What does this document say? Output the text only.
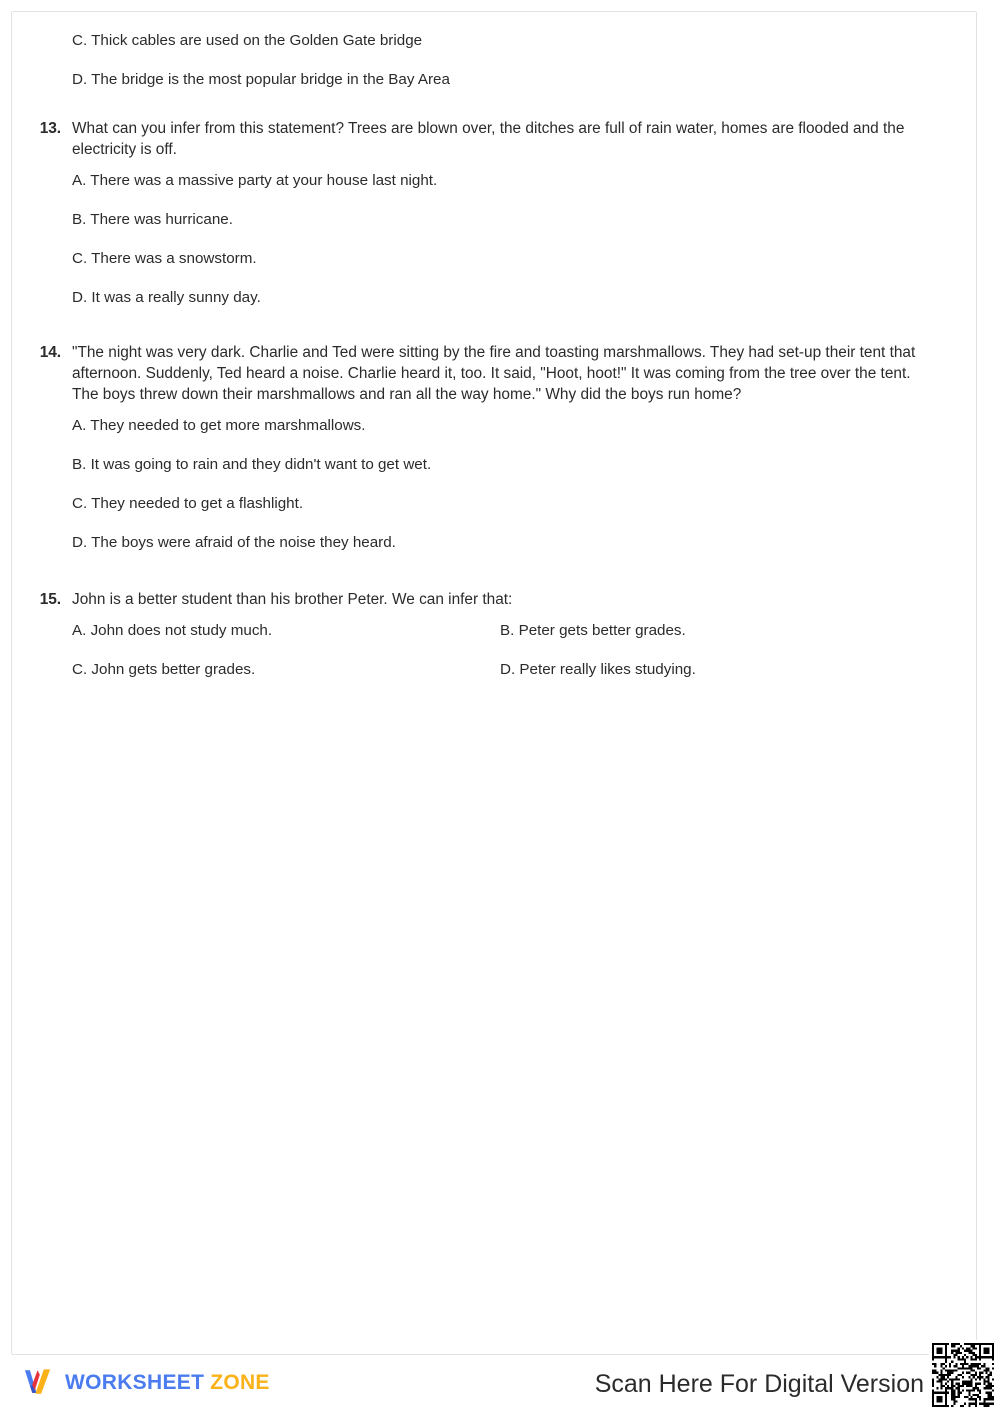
C. Thick cables are used on the Golden Gate bridge
D. The bridge is the most popular bridge in the Bay Area
13. What can you infer from this statement? Trees are blown over, the ditches are full of rain water, homes are flooded and the electricity is off.
A. There was a massive party at your house last night.
B. There was hurricane.
C. There was a snowstorm.
D. It was a really sunny day.
14. "The night was very dark. Charlie and Ted were sitting by the fire and toasting marshmallows. They had set-up their tent that afternoon. Suddenly, Ted heard a noise. Charlie heard it, too. It said, "Hoot, hoot!" It was coming from the tree over the tent. The boys threw down their marshmallows and ran all the way home." Why did the boys run home?
A. They needed to get more marshmallows.
B. It was going to rain and they didn't want to get wet.
C. They needed to get a flashlight.
D. The boys were afraid of the noise they heard.
15. John is a better student than his brother Peter. We can infer that:
A. John does not study much.	B. Peter gets better grades.
C. John gets better grades.	D. Peter really likes studying.
WORKSHEET ZONE	Scan Here For Digital Version
